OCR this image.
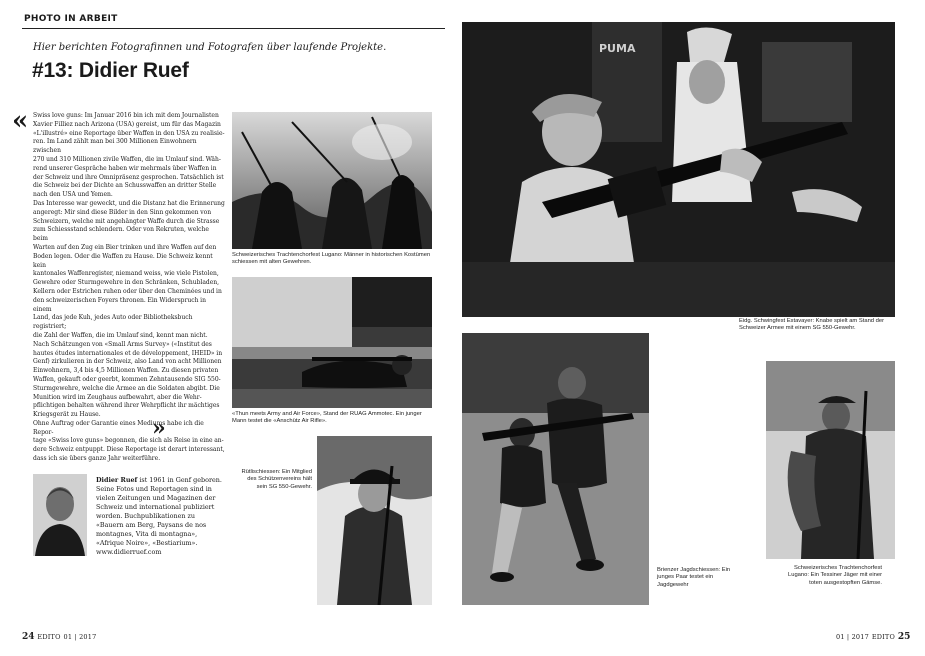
PHOTO IN ARBEIT
Hier berichten Fotografinnen und Fotografen über laufende Projekte.
#13: Didier Ruef
« Swiss love guns: Im Januar 2016 bin ich mit dem Journalisten
Xavier Filliez nach Arizona (USA) gereist, um für das Magazin
«L'illustré» eine Reportage über Waffen in den USA zu realisie-
ren. Im Land zählt man bei 300 Millionen Einwohnern zwischen
270 und 310 Millionen zivile Waffen, die im Umlauf sind. Wäh-
rend unserer Gespräche haben wir mehrmals über Waffen in
der Schweiz und ihre Omnipräsenz gesprochen. Tatsächlich ist
die Schweiz bei der Dichte an Schusswaffen an dritter Stelle
nach den USA und Yemen.
Das Interesse war geweckt, und die Distanz hat die Erinnerung
angeregt: Mir sind diese Bilder in den Sinn gekommen von
Schweizern, welche mit angehängter Waffe durch die Strasse
zum Schiessstand schlendern. Oder von Rekruten, welche beim
Warten auf den Zug ein Bier trinken und ihre Waffen auf den
Boden legen. Oder die Waffen zu Hause. Die Schweiz kennt kein
kantonales Waffenregister, niemand weiss, wie viele Pistolen,
Gewehre oder Sturmgewehre in den Schränken, Schubladen,
Kellern oder Estrichen ruhen oder über den Cheminées und in
den schweizerischen Foyers thronen. Ein Widerspruch in einem
Land, das jede Kuh, jedes Auto oder Bibliotheksbuch registriert;
die Zahl der Waffen, die im Umlauf sind, kennt man nicht.
Nach Schätzungen von «Small Arms Survey» («Institut des
hautes études internationales et de développement, IHEID» in
Genf) zirkulieren in der Schweiz, also Land von acht Millionen
Einwohnern, 3,4 bis 4,5 Millionen Waffen. Zu diesen privaten
Waffen, gekauft oder geerbt, kommen Zehntausende SIG 550-
Sturmgewehre, welche die Armee an die Soldaten abgibt. Die
Munition wird im Zeughaus aufbewahrt, aber die Wehr-
pflichtigen behalten während ihrer Wehrpflicht ihr mächtiges
Kriegsgerät zu Hause.
Ohne Auftrag oder Garantie eines Mediums habe ich die Repor-
tage «Swiss love guns» begonnen, die sich als Reise in eine an-
dere Schweiz entpuppt. Diese Reportage ist derart interessant,
dass ich sie übers ganze Jahr weiterführe.
»
Schweizerisches Trachtenchorfest Lugano: Männer in historischen Kostümen schiessen mit alten Gewehren.
«Thun meets Army and Air Force», Stand der RUAG Ammotec. Ein junger Mann testet die «Anschütz Air Rifle».
Rütlischiessen: Ein Mitglied des Schützenvereins hält sein SG 550-Gewehr.
Didier Ruef ist 1961 in Genf geboren. Seine Fotos und Reportagen sind in vielen Zeitungen und Magazinen der Schweiz und international publiziert worden. Buchpublikationen zu «Bauern am Berg, Paysans de nos montagnes, Vita di montagna», «Afrique Noire», «Bestiarium».
www.didierruef.com
24 EDITO 01 | 2017
PUMA
Eidg. Schwingfest Estavayer: Knabe spielt am Stand der Schweizer Armee mit einem SG 550-Gewehr.
Brienzer Jagdschiessen: Ein junges Paar testet ein Jagdgewehr
Schweizerisches Trachtenchorfest Lugano: Ein Tessiner Jäger mit einer toten ausgestopften Gämse.
01 | 2017 EDITO 25
